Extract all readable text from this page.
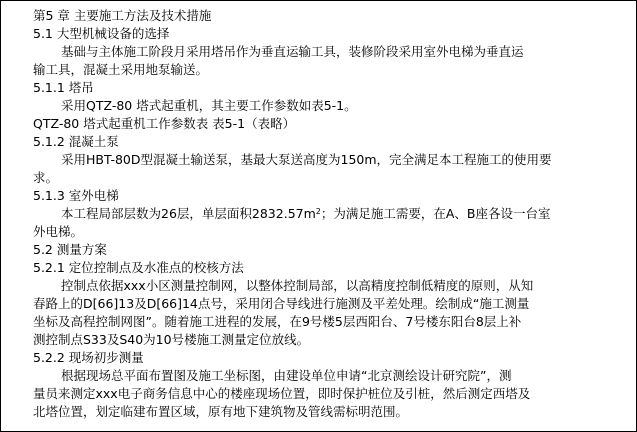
第5 章 主要施工方法及技术措施
5.1 大型机械设备的选择
基础与主体施工阶段月采用塔吊作为垂直运输工具，装修阶段采用室外电梯为垂直运
输工具，混凝土采用地泵输送。
5.1.1 塔吊
采用QTZ-80 塔式起重机，其主要工作参数如表5-1。
QTZ-80 塔式起重机工作参数表 表5-1（表略）
5.1.2 混凝土泵
采用HBT-80D型混凝土输送泵，基最大泵送高度为150m，完全满足本工程施工的使用要
求。
5.1.3 室外电梯
本工程局部层数为26层，单层面积$2832.57m^2$；为满足施工需要，在A、B座各设一台室
外电梯。
5.2 测量方案
5.2.1 定位控制点及水准点的校核方法
控制点依据xxx小区测量控制网，以整体控制局部，以高精度控制低精度的原则，从知
春路上的D[66]13及D[66]14点号，采用闭合导线进行施测及平差处理。绘制成“施工测量
坐标及高程控制网图”。随着施工进程的发展，在9号楼5层西阳台、7号楼东阳台8层上补
测控制点S33及S40为10号楼施工测量定位放线。
5.2.2 现场初步测量
根据现场总平面布置图及施工坐标图，由建设单位申请“北京测绘设计研究院”，测
量员来测定xxx电子商务信息中心的楼座现场位置，即时保护桩位及引桩，然后测定西塔及
北塔位置，划定临建布置区域，原有地下建筑物及管线需标明范围。
